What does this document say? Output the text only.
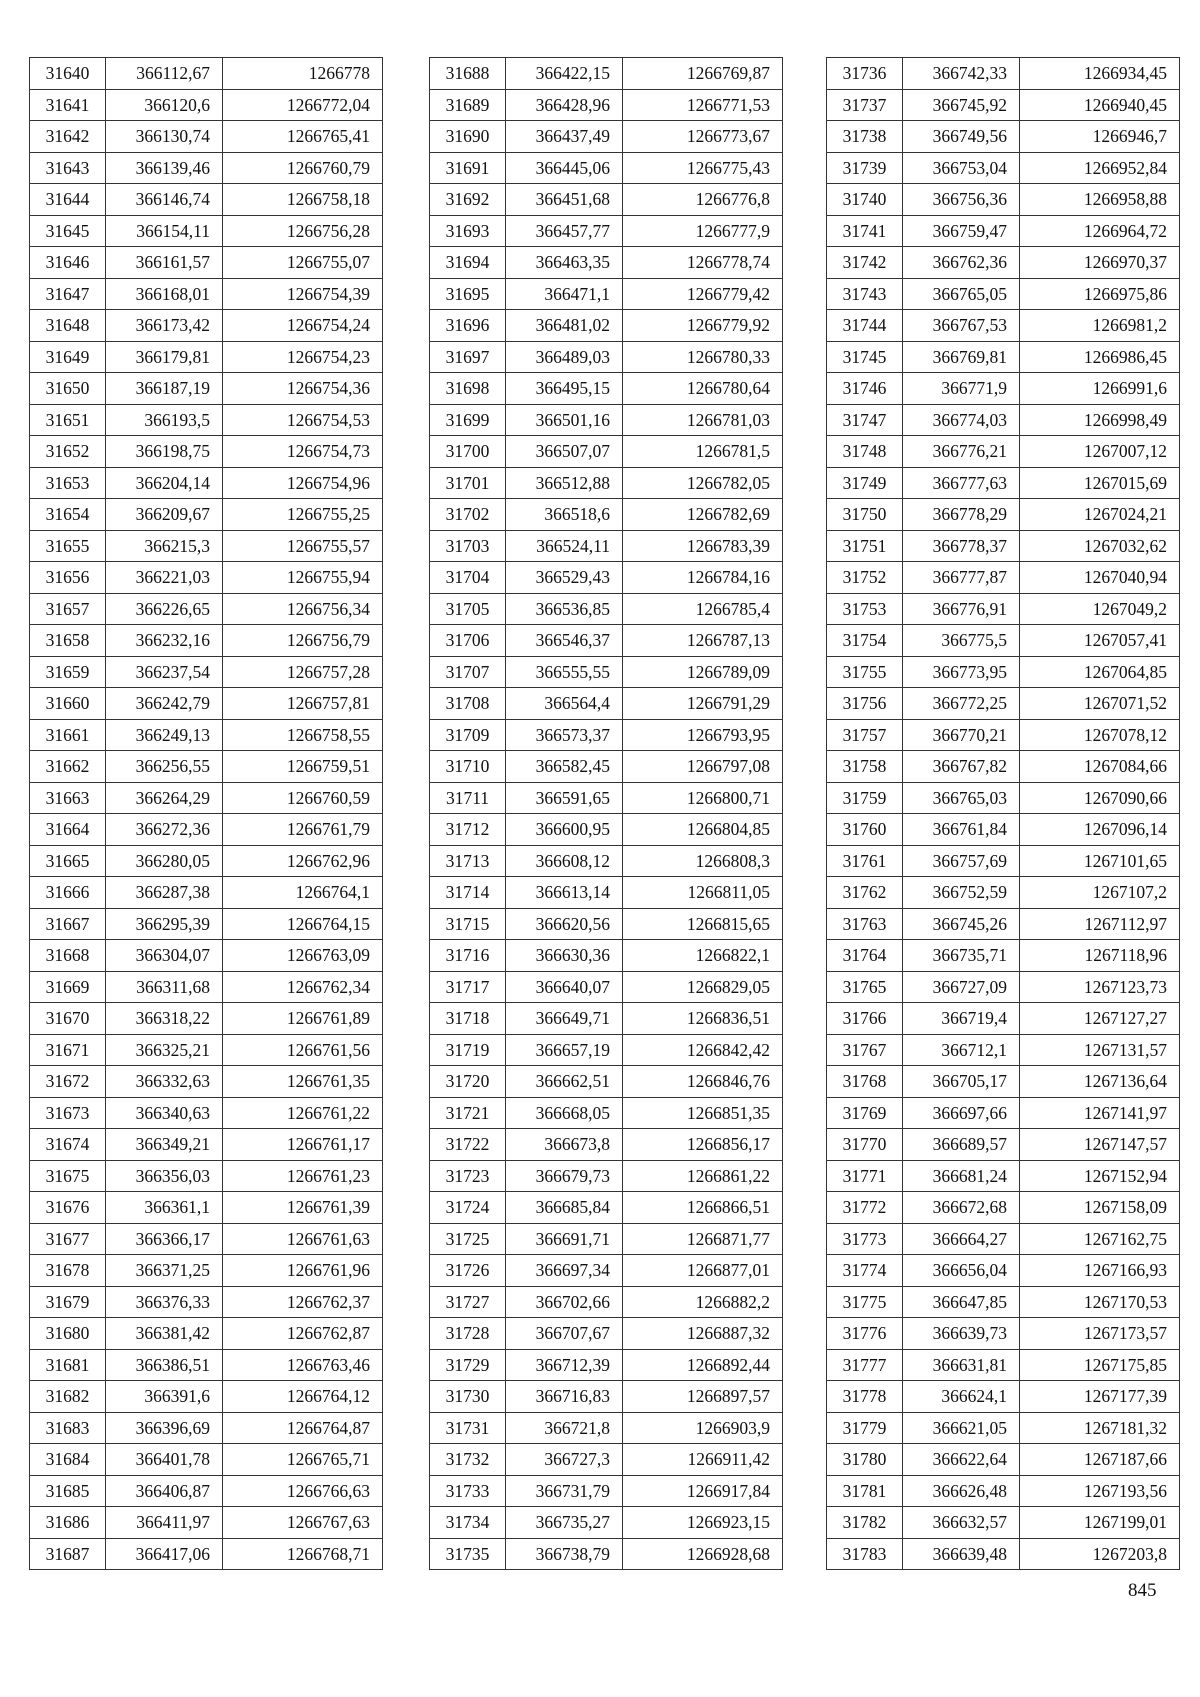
31640	366112,67	1266778
31641	366120,6	1266772,04
31642	366130,74	1266765,41
31643	366139,46	1266760,79
31644	366146,74	1266758,18
31645	366154,11	1266756,28
31646	366161,57	1266755,07
31647	366168,01	1266754,39
31648	366173,42	1266754,24
31649	366179,81	1266754,23
31650	366187,19	1266754,36
31651	366193,5	1266754,53
31652	366198,75	1266754,73
31653	366204,14	1266754,96
31654	366209,67	1266755,25
31655	366215,3	1266755,57
31656	366221,03	1266755,94
31657	366226,65	1266756,34
31658	366232,16	1266756,79
31659	366237,54	1266757,28
31660	366242,79	1266757,81
31661	366249,13	1266758,55
31662	366256,55	1266759,51
31663	366264,29	1266760,59
31664	366272,36	1266761,79
31665	366280,05	1266762,96
31666	366287,38	1266764,1
31667	366295,39	1266764,15
31668	366304,07	1266763,09
31669	366311,68	1266762,34
31670	366318,22	1266761,89
31671	366325,21	1266761,56
31672	366332,63	1266761,35
31673	366340,63	1266761,22
31674	366349,21	1266761,17
31675	366356,03	1266761,23
31676	366361,1	1266761,39
31677	366366,17	1266761,63
31678	366371,25	1266761,96
31679	366376,33	1266762,37
31680	366381,42	1266762,87
31681	366386,51	1266763,46
31682	366391,6	1266764,12
31683	366396,69	1266764,87
31684	366401,78	1266765,71
31685	366406,87	1266766,63
31686	366411,97	1266767,63
31687	366417,06	1266768,71
31688	366422,15	1266769,87
31689	366428,96	1266771,53
31690	366437,49	1266773,67
31691	366445,06	1266775,43
31692	366451,68	1266776,8
31693	366457,77	1266777,9
31694	366463,35	1266778,74
31695	366471,1	1266779,42
31696	366481,02	1266779,92
31697	366489,03	1266780,33
31698	366495,15	1266780,64
31699	366501,16	1266781,03
31700	366507,07	1266781,5
31701	366512,88	1266782,05
31702	366518,6	1266782,69
31703	366524,11	1266783,39
31704	366529,43	1266784,16
31705	366536,85	1266785,4
31706	366546,37	1266787,13
31707	366555,55	1266789,09
31708	366564,4	1266791,29
31709	366573,37	1266793,95
31710	366582,45	1266797,08
31711	366591,65	1266800,71
31712	366600,95	1266804,85
31713	366608,12	1266808,3
31714	366613,14	1266811,05
31715	366620,56	1266815,65
31716	366630,36	1266822,1
31717	366640,07	1266829,05
31718	366649,71	1266836,51
31719	366657,19	1266842,42
31720	366662,51	1266846,76
31721	366668,05	1266851,35
31722	366673,8	1266856,17
31723	366679,73	1266861,22
31724	366685,84	1266866,51
31725	366691,71	1266871,77
31726	366697,34	1266877,01
31727	366702,66	1266882,2
31728	366707,67	1266887,32
31729	366712,39	1266892,44
31730	366716,83	1266897,57
31731	366721,8	1266903,9
31732	366727,3	1266911,42
31733	366731,79	1266917,84
31734	366735,27	1266923,15
31735	366738,79	1266928,68
31736	366742,33	1266934,45
31737	366745,92	1266940,45
31738	366749,56	1266946,7
31739	366753,04	1266952,84
31740	366756,36	1266958,88
31741	366759,47	1266964,72
31742	366762,36	1266970,37
31743	366765,05	1266975,86
31744	366767,53	1266981,2
31745	366769,81	1266986,45
31746	366771,9	1266991,6
31747	366774,03	1266998,49
31748	366776,21	1267007,12
31749	366777,63	1267015,69
31750	366778,29	1267024,21
31751	366778,37	1267032,62
31752	366777,87	1267040,94
31753	366776,91	1267049,2
31754	366775,5	1267057,41
31755	366773,95	1267064,85
31756	366772,25	1267071,52
31757	366770,21	1267078,12
31758	366767,82	1267084,66
31759	366765,03	1267090,66
31760	366761,84	1267096,14
31761	366757,69	1267101,65
31762	366752,59	1267107,2
31763	366745,26	1267112,97
31764	366735,71	1267118,96
31765	366727,09	1267123,73
31766	366719,4	1267127,27
31767	366712,1	1267131,57
31768	366705,17	1267136,64
31769	366697,66	1267141,97
31770	366689,57	1267147,57
31771	366681,24	1267152,94
31772	366672,68	1267158,09
31773	366664,27	1267162,75
31774	366656,04	1267166,93
31775	366647,85	1267170,53
31776	366639,73	1267173,57
31777	366631,81	1267175,85
31778	366624,1	1267177,39
31779	366621,05	1267181,32
31780	366622,64	1267187,66
31781	366626,48	1267193,56
31782	366632,57	1267199,01
31783	366639,48	1267203,8
845
